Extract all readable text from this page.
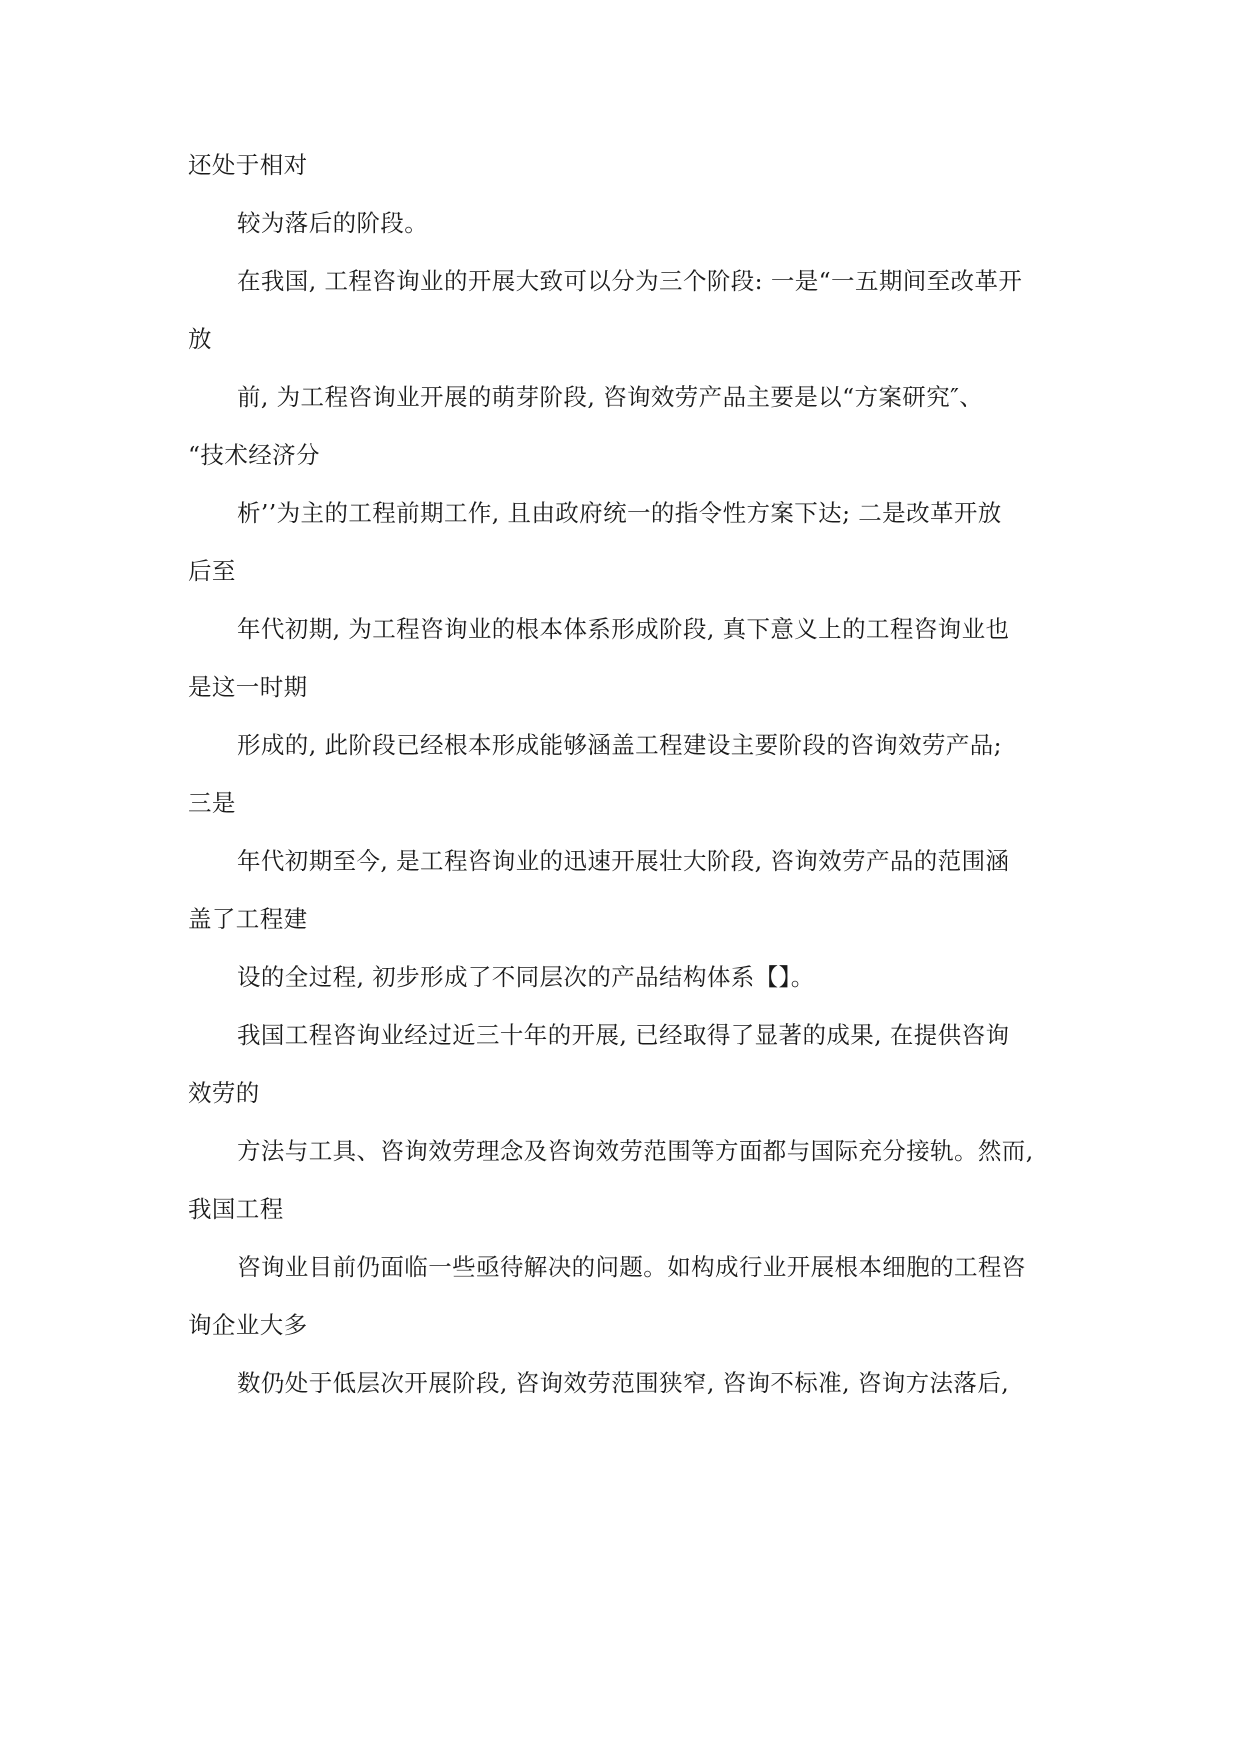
还处于相对
较为落后的阶段。
在我国, 工程咨询业的开展大致可以分为三个阶段: 一是“一五期间至改革开
放
前, 为工程咨询业开展的萌芽阶段, 咨询效劳产品主要是以“方案研究″、
“技术经济分
析’’为主的工程前期工作, 且由政府统一的指令性方案下达; 二是改革开放
后至
年代初期, 为工程咨询业的根本体系形成阶段, 真下意义上的工程咨询业也
是这一时期
形成的, 此阶段已经根本形成能够涵盖工程建设主要阶段的咨询效劳产品;
三是
年代初期至今, 是工程咨询业的迅速开展壮大阶段, 咨询效劳产品的范围涵
盖了工程建
设的全过程, 初步形成了不同层次的产品结构体系【】。
我国工程咨询业经过近三十年的开展, 已经取得了显著的成果, 在提供咨询
效劳的
方法与工具、咨询效劳理念及咨询效劳范围等方面都与国际充分接轨。然而,
我国工程
咨询业目前仍面临一些亟待解决的问题。如构成行业开展根本细胞的工程咨
询企业大多
数仍处于低层次开展阶段, 咨询效劳范围狭窄, 咨询不标准, 咨询方法落后,
